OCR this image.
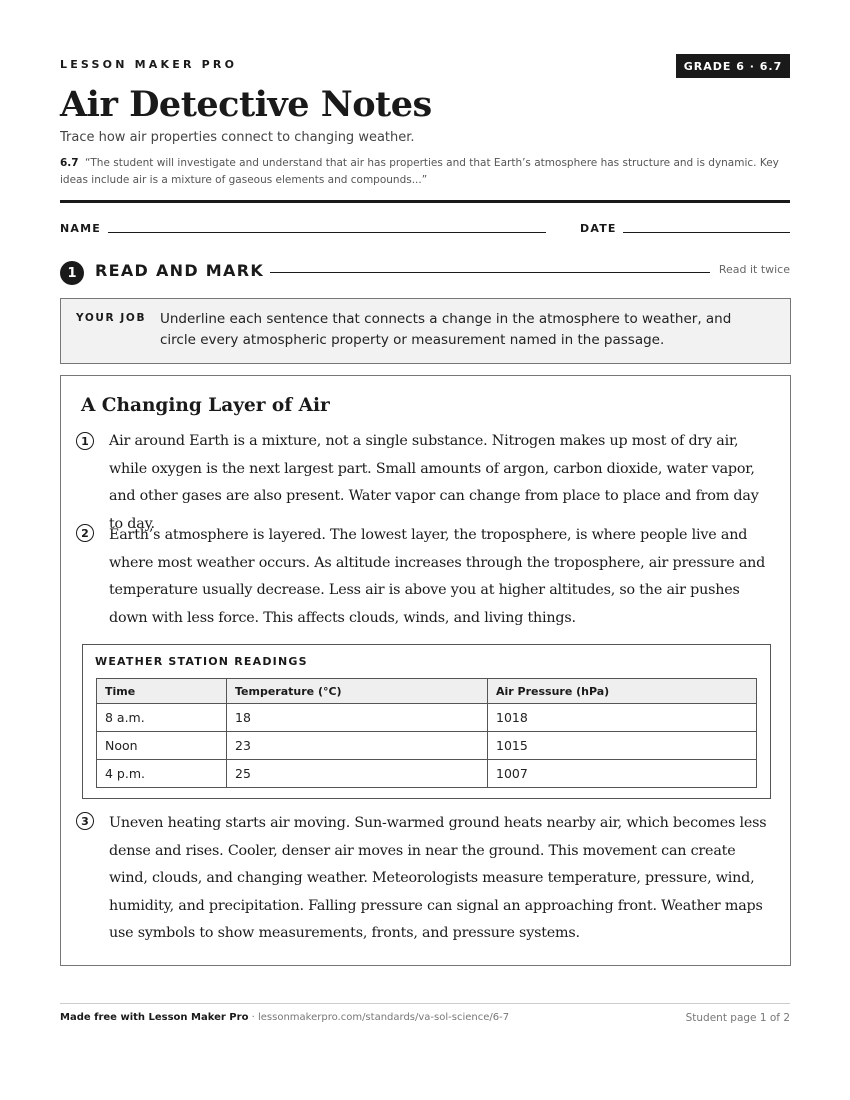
LESSON MAKER PRO	GRADE 6 · 6.7
Air Detective Notes
Trace how air properties connect to changing weather.
6.7 “The student will investigate and understand that air has properties and that Earth’s atmosphere has structure and is dynamic. Key ideas include air is a mixture of gaseous elements and compounds...”
NAME	DATE
1	READ AND MARK	Read it twice
YOUR JOB Underline each sentence that connects a change in the atmosphere to weather, and circle every atmospheric property or measurement named in the passage.
A Changing Layer of Air
1	Air around Earth is a mixture, not a single substance. Nitrogen makes up most of dry air, while oxygen is the next largest part. Small amounts of argon, carbon dioxide, water vapor, and other gases are also present. Water vapor can change from place to place and from day to day.

2	Earth’s atmosphere is layered. The lowest layer, the troposphere, is where people live and where most weather occurs. As altitude increases through the troposphere, air pressure and temperature usually decrease. Less air is above you at higher altitudes, so the air pushes down with less force. This affects clouds, winds, and living things.

WEATHER STATION READINGS
Time	Temperature (°C)	Air Pressure (hPa)
8 a.m.	18	1018
Noon	23	1015
4 p.m.	25	1007
3	Uneven heating starts air moving. Sun-warmed ground heats nearby air, which becomes less dense and rises. Cooler, denser air moves in near the ground. This movement can create wind, clouds, and changing weather. Meteorologists measure temperature, pressure, wind, humidity, and precipitation. Falling pressure can signal an approaching front. Weather maps use symbols to show measurements, fronts, and pressure systems.

Made free with Lesson Maker Pro · lessonmakerpro.com/standards/va-sol-science/6-7	Student page 1 of 2
